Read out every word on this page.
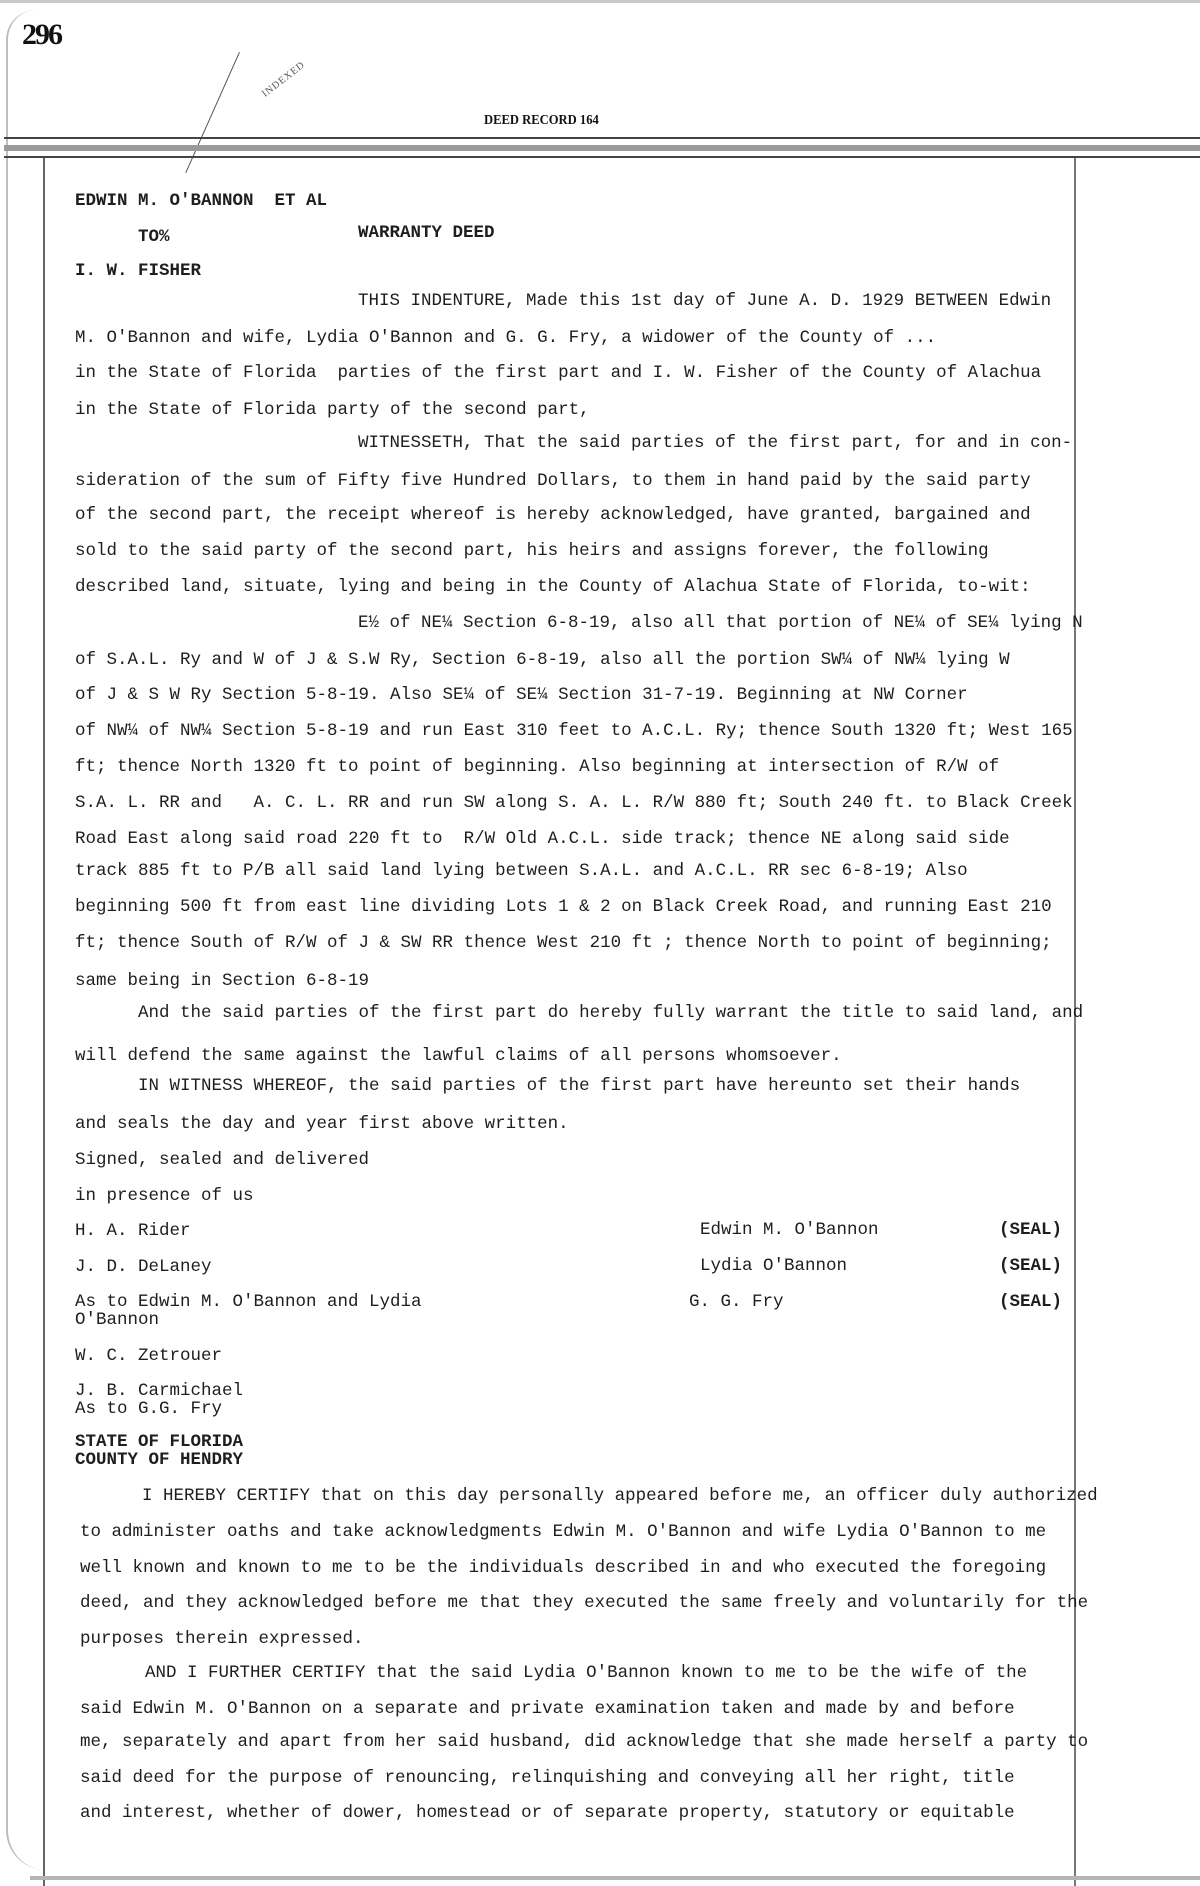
296
INDEXED
DEED RECORD 164
EDWIN M. O'BANNON  ET AL
TO%	WARRANTY DEED
I. W. FISHER
THIS INDENTURE, Made this 1st day of June A. D. 1929 BETWEEN Edwin
M. O'Bannon and wife, Lydia O'Bannon and G. G. Fry, a widower of the County of ...
in the State of Florida  parties of the first part and I. W. Fisher of the County of Alachua
in the State of Florida party of the second part,
WITNESSETH, That the said parties of the first part, for and in con-
sideration of the sum of Fifty five Hundred Dollars, to them in hand paid by the said party
of the second part, the receipt whereof is hereby acknowledged, have granted, bargained and
sold to the said party of the second part, his heirs and assigns forever, the following
described land, situate, lying and being in the County of Alachua State of Florida, to-wit:
E½ of NE¼ Section 6-8-19, also all that portion of NE¼ of SE¼ lying N
of S.A.L. Ry and W of J & S.W Ry, Section 6-8-19, also all the portion SW¼ of NW¼ lying W
of J & S W Ry Section 5-8-19. Also SE¼ of SE¼ Section 31-7-19. Beginning at NW Corner
of NW¼ of NW¼ Section 5-8-19 and run East 310 feet to A.C.L. Ry; thence South 1320 ft; West 165
ft; thence North 1320 ft to point of beginning. Also beginning at intersection of R/W of
S.A. L. RR and   A. C. L. RR and run SW along S. A. L. R/W 880 ft; South 240 ft. to Black Creek
Road East along said road 220 ft to  R/W Old A.C.L. side track; thence NE along said side
track 885 ft to P/B all said land lying between S.A.L. and A.C.L. RR sec 6-8-19; Also
beginning 500 ft from east line dividing Lots 1 & 2 on Black Creek Road, and running East 210
ft; thence South of R/W of J & SW RR thence West 210 ft ; thence North to point of beginning;
same being in Section 6-8-19
And the said parties of the first part do hereby fully warrant the title to said land, and
will defend the same against the lawful claims of all persons whomsoever.
IN WITNESS WHEREOF, the said parties of the first part have hereunto set their hands
and seals the day and year first above written.
Signed, sealed and delivered
in presence of us
H. A. Rider
J. D. DeLaney
As to Edwin M. O'Bannon and Lydia
O'Bannon
W. C. Zetrouer
J. B. Carmichael
As to G.G. Fry
Edwin M. O'Bannon	(SEAL)
Lydia O'Bannon	(SEAL)
G. G. Fry	(SEAL)
STATE OF FLORIDA
COUNTY OF HENDRY
I HEREBY CERTIFY that on this day personally appeared before me, an officer duly authorized
to administer oaths and take acknowledgments Edwin M. O'Bannon and wife Lydia O'Bannon to me
well known and known to me to be the individuals described in and who executed the foregoing
deed, and they acknowledged before me that they executed the same freely and voluntarily for the
purposes therein expressed.
AND I FURTHER CERTIFY that the said Lydia O'Bannon known to me to be the wife of the
said Edwin M. O'Bannon on a separate and private examination taken and made by and before
me, separately and apart from her said husband, did acknowledge that she made herself a party to
said deed for the purpose of renouncing, relinquishing and conveying all her right, title
and interest, whether of dower, homestead or of separate property, statutory or equitable
